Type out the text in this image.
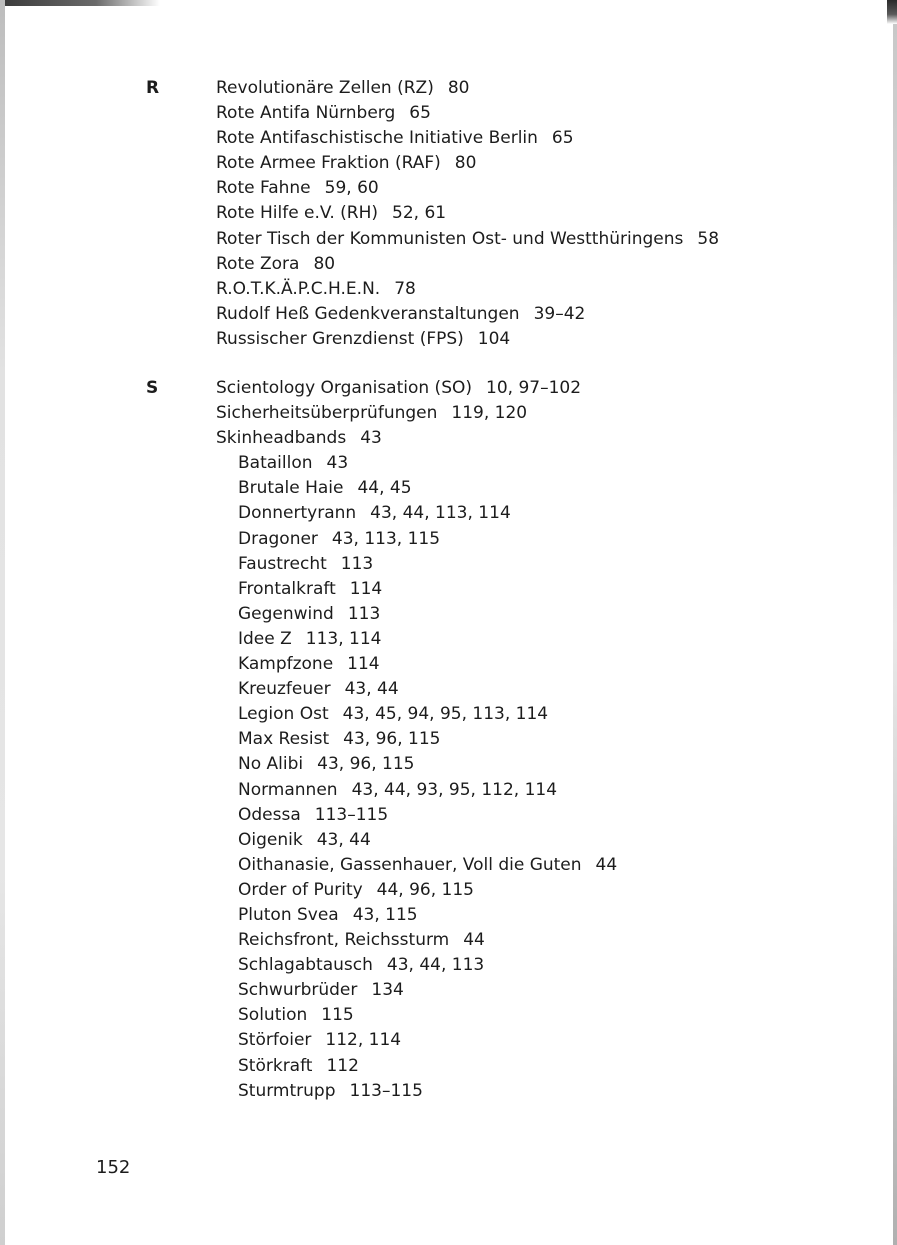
R	Revolutionäre Zellen (RZ) 80
Rote Antifa Nürnberg 65
Rote Antifaschistische Initiative Berlin 65
Rote Armee Fraktion (RAF) 80
Rote Fahne 59, 60
Rote Hilfe e.V. (RH) 52, 61
Roter Tisch der Kommunisten Ost- und Westthüringens 58
Rote Zora 80
R.O.T.K.Ä.P.C.H.E.N. 78
Rudolf Heß Gedenkveranstaltungen 39–42
Russischer Grenzdienst (FPS) 104
S	Scientology Organisation (SO) 10, 97–102
Sicherheitsüberprüfungen 119, 120
Skinheadbands 43
Bataillon 43
Brutale Haie 44, 45
Donnertyrann 43, 44, 113, 114
Dragoner 43, 113, 115
Faustrecht 113
Frontalkraft 114
Gegenwind 113
Idee Z 113, 114
Kampfzone 114
Kreuzfeuer 43, 44
Legion Ost 43, 45, 94, 95, 113, 114
Max Resist 43, 96, 115
No Alibi 43, 96, 115
Normannen 43, 44, 93, 95, 112, 114
Odessa 113–115
Oigenik 43, 44
Oithanasie, Gassenhauer, Voll die Guten 44
Order of Purity 44, 96, 115
Pluton Svea 43, 115
Reichsfront, Reichssturm 44
Schlagabtausch 43, 44, 113
Schwurbrüder 134
Solution 115
Störfoier 112, 114
Störkraft 112
Sturmtrupp 113–115
152
